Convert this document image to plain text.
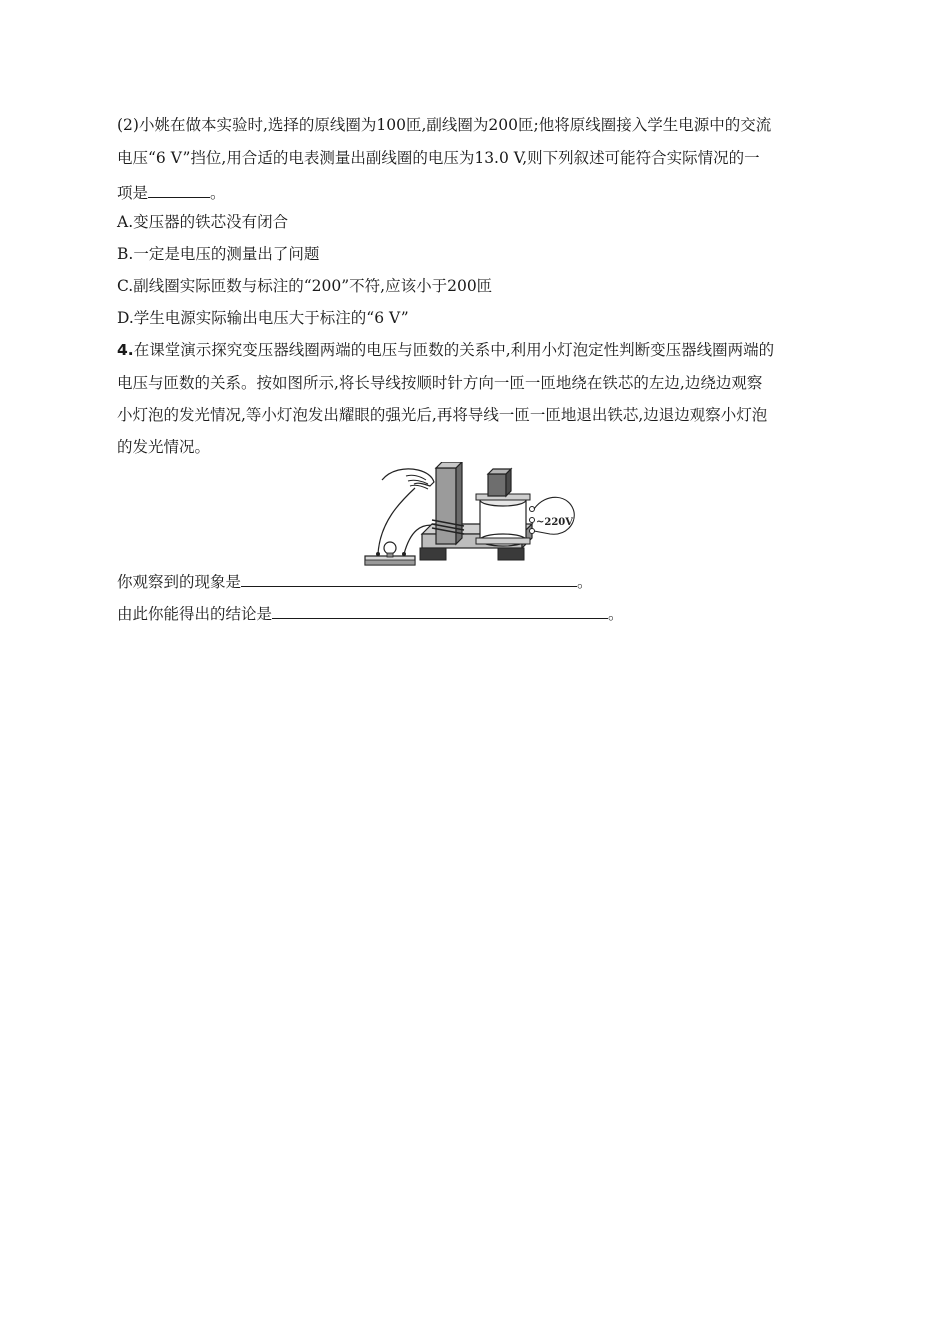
(2)小姚在做本实验时,选择的原线圈为100匝,副线圈为200匝;他将原线圈接入学生电源中的交流
电压“6 V”挡位,用合适的电表测量出副线圈的电压为13.0 V,则下列叙述可能符合实际情况的一
项是	。
A.变压器的铁芯没有闭合
B.一定是电压的测量出了问题
C.副线圈实际匝数与标注的“200”不符,应该小于200匝
D.学生电源实际输出电压大于标注的“6 V”
4.在课堂演示探究变压器线圈两端的电压与匝数的关系中,利用小灯泡定性判断变压器线圈两端的
电压与匝数的关系。按如图所示,将长导线按顺时针方向一匝一匝地绕在铁芯的左边,边绕边观察
小灯泡的发光情况,等小灯泡发出耀眼的强光后,再将导线一匝一匝地退出铁芯,边退边观察小灯泡
的发光情况。
~220V
你观察到的现象是	。
由此你能得出的结论是	。
